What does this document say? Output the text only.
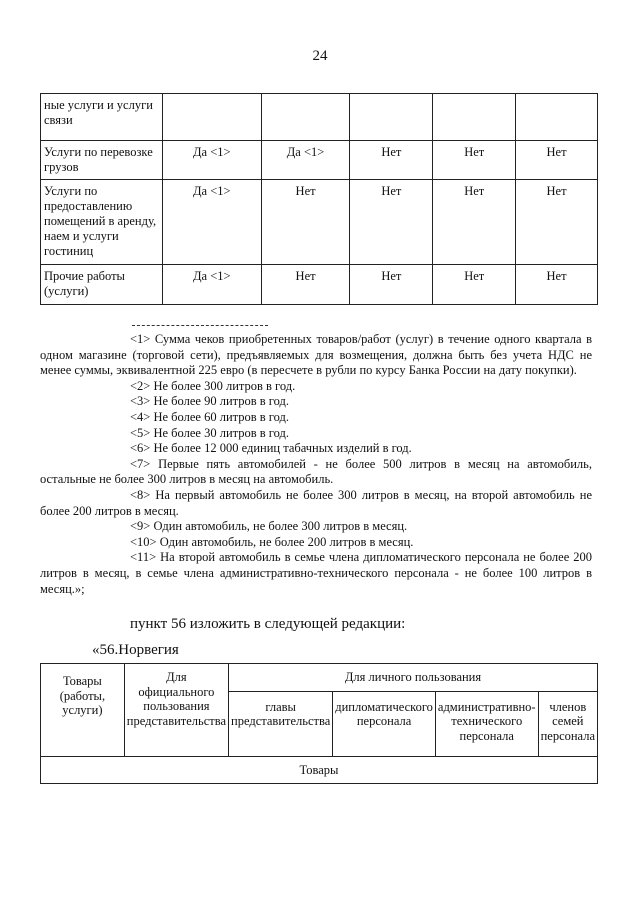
24
ные услуги и услуги связи					
Услуги по перевозке грузов	Да <1>	Да <1>	Нет	Нет	Нет
Услуги по предоставлению помещений в аренду, наем и услуги гостиниц	Да <1>	Нет	Нет	Нет	Нет
Прочие работы (услуги)	Да <1>	Нет	Нет	Нет	Нет

<1> Сумма чеков приобретенных товаров/работ (услуг) в течение одного квартала в одном магазине (торговой сети), предъявляемых для возмещения, должна быть без учета НДС не менее суммы, эквивалентной 225 евро (в пересчете в рубли по курсу Банка России на дату покупки).

<2> Не более 300 литров в год.

<3> Не более 90 литров в год.

<4> Не более 60 литров в год.

<5> Не более 30 литров в год.

<6> Не более 12 000 единиц табачных изделий в год.

<7> Первые пять автомобилей - не более 500 литров в месяц на автомобиль, остальные не более 300 литров в месяц на автомобиль.

<8> На первый автомобиль не более 300 литров в месяц, на второй автомобиль не более 200 литров в месяц.

<9> Один автомобиль, не более 300 литров в месяц.

<10> Один автомобиль, не более 200 литров в месяц.

<11> На второй автомобиль в семье члена дипломатического персонала не более 200 литров в месяц, в семье члена административно-технического персонала - не более 100 литров в месяц.»;

пункт 56 изложить в следующей редакции:
«56.Норвегия
Товары (работы, услуги)	Для официального пользования представительства	Для личного пользования			
		главы представительства	дипломатического персонала	административно-технического персонала	членов семей персонала
Товары					
